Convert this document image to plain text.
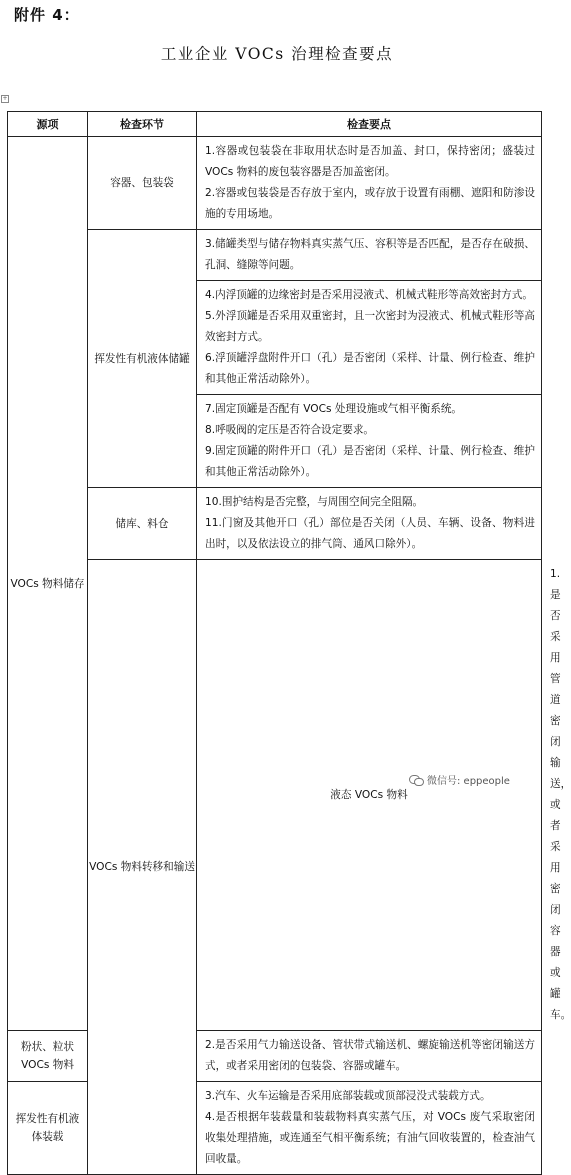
附件 4：
工业企业 VOCs 治理检查要点
+
源项	检查环节	检查要点	
VOCs 物料储存	容器、包装袋	1.容器或包装袋在非取用状态时是否加盖、封口，保持密闭；盛装过 VOCs 物料的废包装容器是否加盖密闭。
2.容器或包装袋是否存放于室内，或存放于设置有雨棚、遮阳和防渗设施的专用场地。	

	挥发性有机液体储罐	3.储罐类型与储存物料真实蒸气压、容积等是否匹配，是否存在破损、孔洞、缝隙等问题。	

		4.内浮顶罐的边缘密封是否采用浸液式、机械式鞋形等高效密封方式。
5.外浮顶罐是否采用双重密封，且一次密封为浸液式、机械式鞋形等高效密封方式。
6.浮顶罐浮盘附件开口（孔）是否密闭（采样、计量、例行检查、维护和其他正常活动除外）。	

		7.固定顶罐是否配有 VOCs 处理设施或气相平衡系统。
8.呼吸阀的定压是否符合设定要求。
9.固定顶罐的附件开口（孔）是否密闭（采样、计量、例行检查、维护和其他正常活动除外）。	

	储库、料仓	10.围护结构是否完整，与周围空间完全阻隔。
11.门窗及其他开口（孔）部位是否关闭（人员、车辆、设备、物料进出时，以及依法设立的排气筒、通风口除外）。	

	VOCs 物料转移和输送	液态 VOCs 物料	1.是否采用管道密闭输送，或者采用密闭容器或罐车。

粉状、粒状 VOCs 物料		2.是否采用气力输送设备、管状带式输送机、螺旋输送机等密闭输送方式，或者采用密闭的包装袋、容器或罐车。	

挥发性有机液体装载		3.汽车、火车运输是否采用底部装载或顶部浸没式装载方式。
4.是否根据年装载量和装载物料真实蒸气压，对 VOCs 废气采取密闭收集处理措施，或连通至气相平衡系统；有油气回收装置的，检查油气回收量。	
微信号: eppeople
